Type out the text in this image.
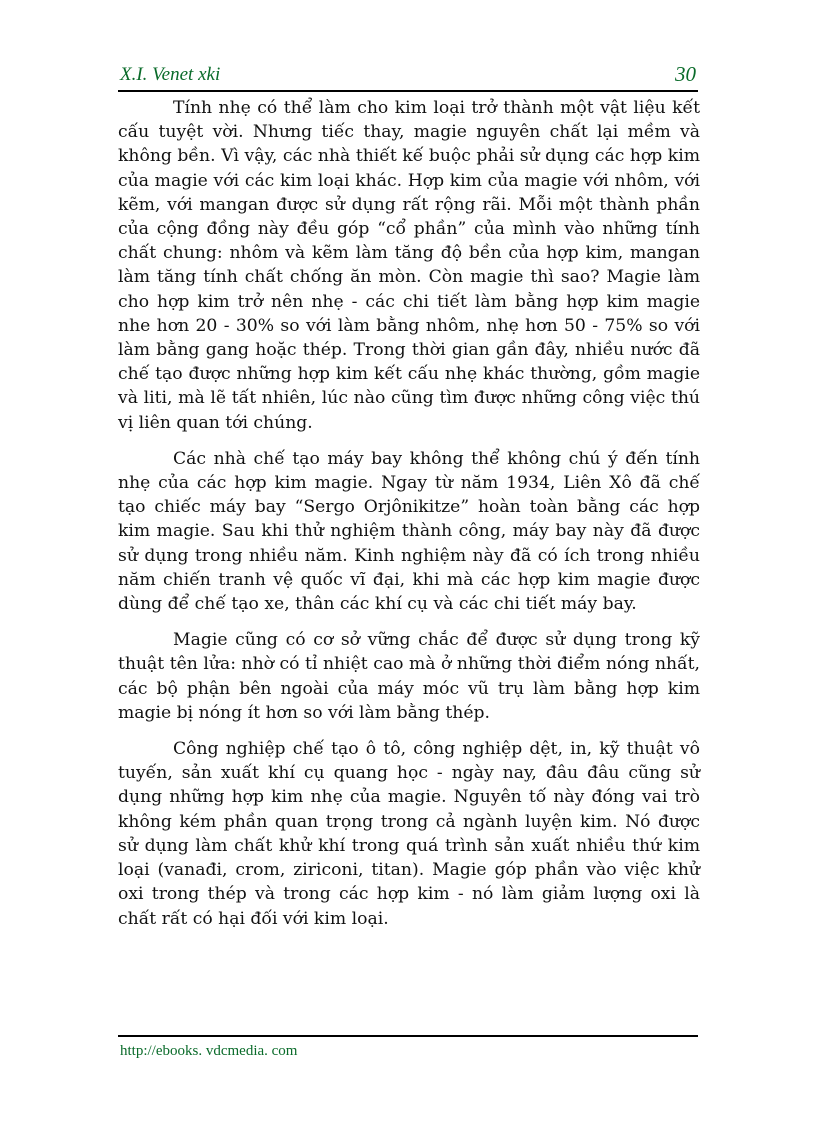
X.I. Venet xki	30

Tính nhẹ có thể làm cho kim loại trở thành một vật liệu kết cấu tuyệt vời. Nhưng tiếc thay, magie nguyên chất lại mềm và không bền. Vì vậy, các nhà thiết kế buộc phải sử dụng các hợp kim của magie với các kim loại khác. Hợp kim của magie với nhôm, với kẽm, với mangan được sử dụng rất rộng rãi. Mỗi một thành phần của cộng đồng này đều góp “cổ phần” của mình vào những tính chất chung: nhôm và kẽm làm tăng độ bền của hợp kim, mangan làm tăng tính chất chống ăn mòn. Còn magie thì sao? Magie làm cho hợp kim trở nên nhẹ - các chi tiết làm bằng hợp kim magie nhe hơn 20 - 30% so với làm bằng nhôm, nhẹ hơn 50 - 75% so với làm bằng gang hoặc thép. Trong thời gian gần đây, nhiều nước đã chế tạo được những hợp kim kết cấu nhẹ khác thường, gồm magie và liti, mà lẽ tất nhiên, lúc nào cũng tìm được những công việc thú vị liên quan tới chúng.

Các nhà chế tạo máy bay không thể không chú ý đến tính nhẹ của các hợp kim magie. Ngay từ năm 1934, Liên Xô đã chế tạo chiếc máy bay “Sergo Orjônikitze” hoàn toàn bằng các hợp kim magie. Sau khi thử nghiệm thành công, máy bay này đã được sử dụng trong nhiều năm. Kinh nghiệm này đã có ích trong nhiều năm chiến tranh vệ quốc vĩ đại, khi mà các hợp kim magie được dùng để chế tạo xe, thân các khí cụ và các chi tiết máy bay.

Magie cũng có cơ sở vững chắc để được sử dụng trong kỹ thuật tên lửa: nhờ có tỉ nhiệt cao mà ở những thời điểm nóng nhất, các bộ phận bên ngoài của máy móc vũ trụ làm bằng hợp kim magie bị nóng ít hơn so với làm bằng thép.

Công nghiệp chế tạo ô tô, công nghiệp dệt, in, kỹ thuật vô tuyến, sản xuất khí cụ quang học - ngày nay, đâu đâu cũng sử dụng những hợp kim nhẹ của magie. Nguyên tố này đóng vai trò không kém phần quan trọng trong cả ngành luyện kim. Nó được sử dụng làm chất khử khí trong quá trình sản xuất nhiều thứ kim loại (vanađi, crom, ziriconi, titan). Magie góp phần vào việc khử oxi trong thép và trong các hợp kim - nó làm giảm lượng oxi là chất rất có hại đối với kim loại.

http://ebooks. vdcmedia. com
